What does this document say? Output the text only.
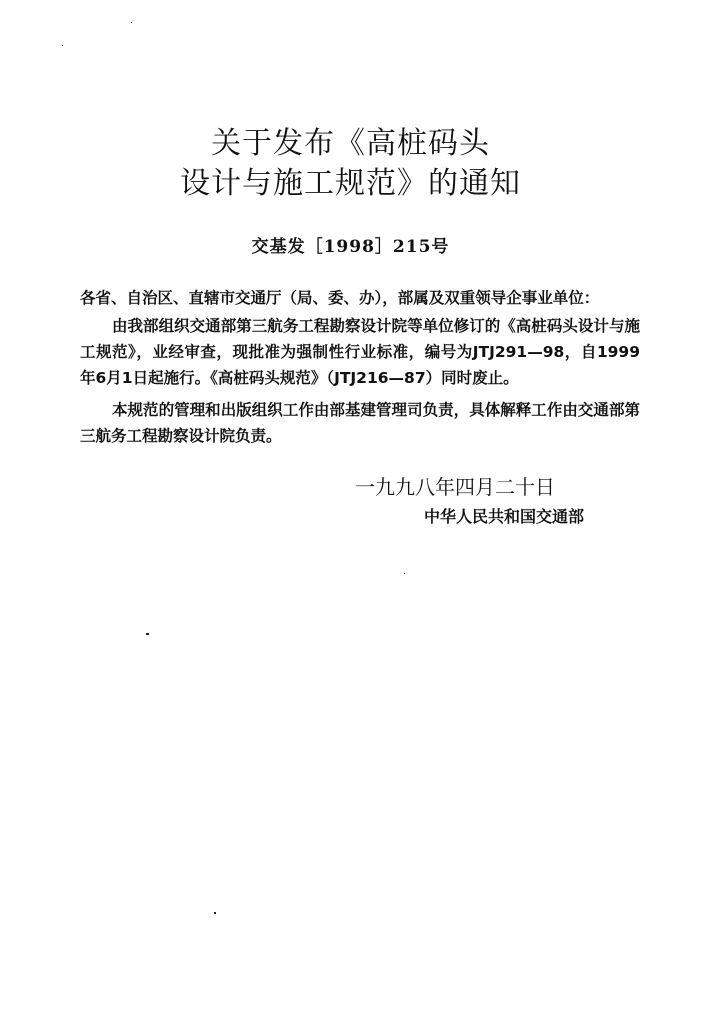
关于发布《高桩码头
设计与施工规范》的通知
交基发［1998］215号
各省、自治区、直辖市交通厅（局、委、办），部属及双重领导企事业单位：
由我部组织交通部第三航务工程勘察设计院等单位修订的《高桩码头设计与施工规范》，业经审查，现批准为强制性行业标准，编号为JTJ291—98，自1999年6月1日起施行。《高桩码头规范》（JTJ216—87）同时废止。
本规范的管理和出版组织工作由部基建管理司负责，具体解释工作由交通部第三航务工程勘察设计院负责。
一九九八年四月二十日
中华人民共和国交通部
